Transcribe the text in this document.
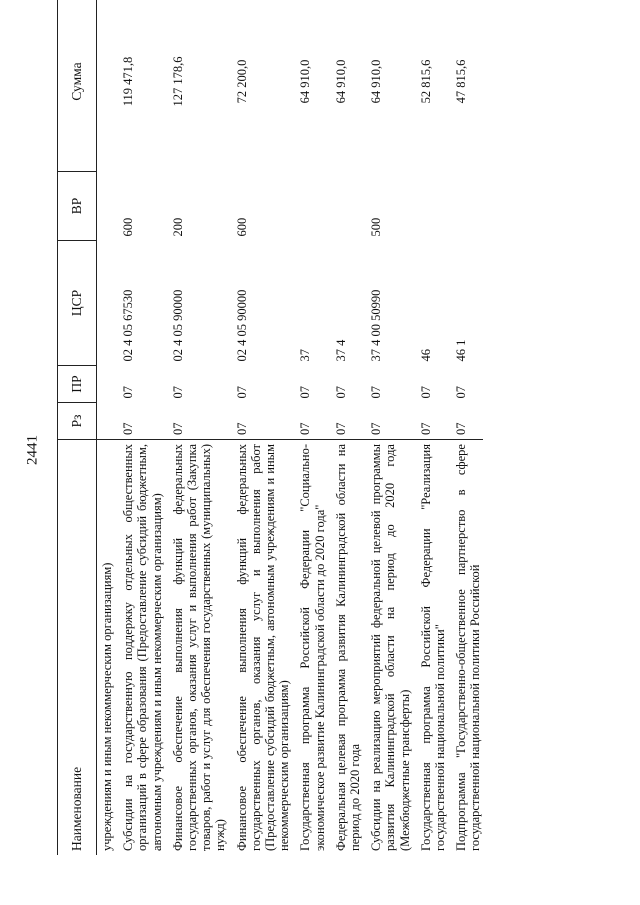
2441
Наименование	Рз	ПР	ЦСР	ВР	Сумма
учреждениям и иным некоммерческим организациям)					
Субсидии на государственную поддержку отдельных общественных организаций в сфере образования (Предоставление субсидий бюджетным, автономным учреждениям и иным некоммерческим организациям)	07	07	02 4 05 67530	600	119 471,8
Финансовое обеспечение выполнения функций федеральных государственных органов, оказания услуг и выполнения работ (Закупка товаров, работ и услуг для обеспечения государственных (муниципальных) нужд)	07	07	02 4 05 90000	200	127 178,6
Финансовое обеспечение выполнения функций федеральных государственных органов, оказания услуг и выполнения работ (Предоставление субсидий бюджетным, автономным учреждениям и иным некоммерческим организациям)	07	07	02 4 05 90000	600	72 200,0
Государственная программа Российской Федерации "Социально-экономическое развитие Калининградской области до 2020 года"	07	07	37		64 910,0
Федеральная целевая программа развития Калининградской области на период до 2020 года	07	07	37 4		64 910,0
Субсидии на реализацию мероприятий федеральной целевой программы развития Калининградской области на период до 2020 года (Межбюджетные трансферты)	07	07	37 4 00 50990	500	64 910,0
Государственная программа Российской Федерации "Реализация государственной национальной политики"	07	07	46		52 815,6
Подпрограмма "Государственно-общественное партнерство в сфере государственной национальной политики Российской	07	07	46 1		47 815,6
